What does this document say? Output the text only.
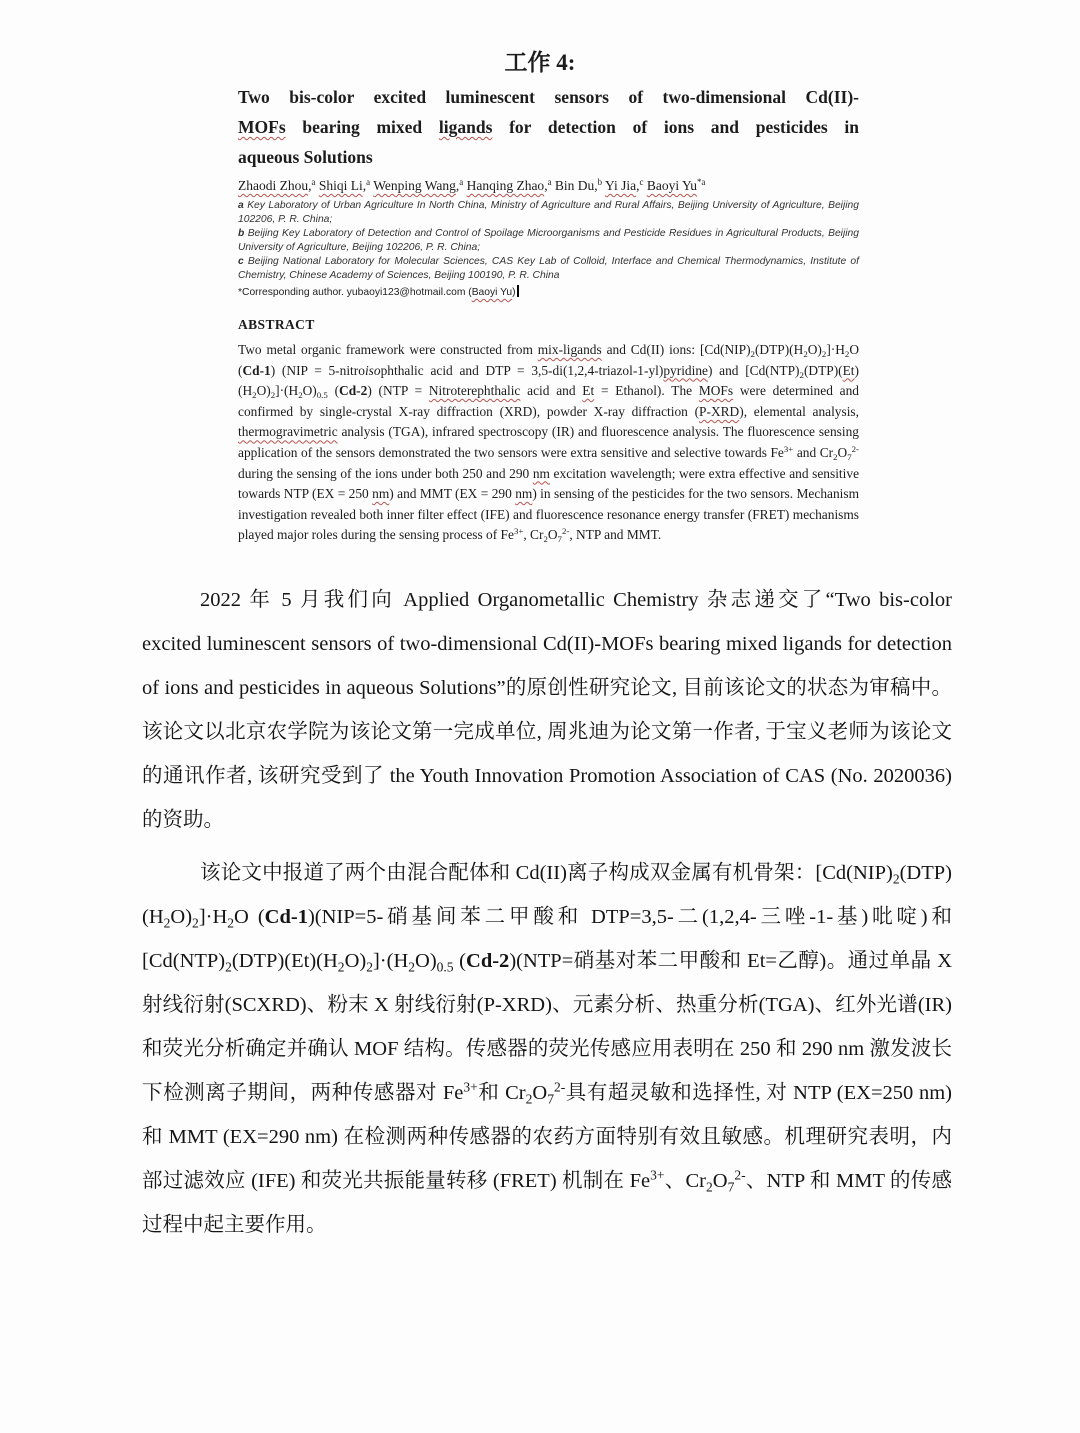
工作 4:
Two bis-color excited luminescent sensors of two-dimensional Cd(II)-
MOFs bearing mixed ligands for detection of ions and pesticides in
aqueous Solutions
Zhaodi Zhou,$^a$ Shiqi Li,$^a$ Wenping Wang,$^a$ Hanqing Zhao,$^a$ Bin Du,$^b$ Yi Jia,$^c$ Baoyi Yu$^{*a}$
a Key Laboratory of Urban Agriculture In North China, Ministry of Agriculture and Rural Affairs, Beijing University of Agriculture, Beijing 102206, P. R. China;
b Beijing Key Laboratory of Detection and Control of Spoilage Microorganisms and Pesticide Residues in Agricultural Products, Beijing University of Agriculture, Beijing 102206, P. R. China;
c Beijing National Laboratory for Molecular Sciences, CAS Key Lab of Colloid, Interface and Chemical Thermodynamics, Institute of Chemistry, Chinese Academy of Sciences, Beijing 100190, P. R. China
*Corresponding author. yubaoyi123@hotmail.com (Baoyi Yu)
ABSTRACT
Two metal organic framework were constructed from mix-ligands and Cd(II) ions: $[Cd(NIP)_2(DTP)(H_2O)_2]\cdot H_2O$ (Cd-1) (NIP = 5-nitroisophthalic acid and DTP = 3,5-di(1,2,4-triazol-1-yl)pyridine) and $[Cd(NTP)_2(DTP)(Et)(H_2O)_2]\cdot(H_2O)_{0.5}$ (Cd-2) (NTP = Nitroterephthalic acid and Et = Ethanol). The MOFs were determined and confirmed by single-crystal X-ray diffraction (XRD), powder X-ray diffraction (P-XRD), elemental analysis, thermogravimetric analysis (TGA), infrared spectroscopy (IR) and fluorescence analysis. The fluorescence sensing application of the sensors demonstrated the two sensors were extra sensitive and selective towards $Fe^{3+}$ and $Cr_2O_7^{2-}$ during the sensing of the ions under both 250 and 290 nm excitation wavelength; were extra effective and sensitive towards NTP (EX = 250 nm) and MMT (EX = 290 nm) in sensing of the pesticides for the two sensors. Mechanism investigation revealed both inner filter effect (IFE) and fluorescence resonance energy transfer (FRET) mechanisms played major roles during the sensing process of $Fe^{3+}$, $Cr_2O_7^{2-}$, NTP and MMT.

2022 年 5 月我们向 Applied Organometallic Chemistry 杂志递交了“Two bis-color excited luminescent sensors of two-dimensional Cd(II)-MOFs bearing mixed ligands for detection of ions and pesticides in aqueous Solutions”的原创性研究论文, 目前该论文的状态为审稿中。该论文以北京农学院为该论文第一完成单位, 周兆迪为论文第一作者, 于宝义老师为该论文的通讯作者, 该研究受到了 the Youth Innovation Promotion Association of CAS (No. 2020036)的资助。

该论文中报道了两个由混合配体和 Cd(II)离子构成双金属有机骨架：$[Cd(NIP)_2(DTP)(H_2O)_2]\cdot H_2O$ (Cd-1)(NIP=5-硝基间苯二甲酸和 DTP=3,5-二(1,2,4-三唑-1-基)吡啶)和$[Cd(NTP)_2(DTP)(Et)(H_2O)_2]\cdot(H_2O)_{0.5}$ (Cd-2)(NTP=硝基对苯二甲酸和 Et=乙醇)。通过单晶 X 射线衍射(SCXRD)、粉末 X 射线衍射(P-XRD)、元素分析、热重分析(TGA)、红外光谱(IR)和荧光分析确定并确认 MOF 结构。传感器的荧光传感应用表明在 250 和 290 nm 激发波长下检测离子期间，两种传感器对 $Fe^{3+}$和 $Cr_2O_7^{2-}$具有超灵敏和选择性, 对 NTP (EX=250 nm) 和 MMT (EX=290 nm) 在检测两种传感器的农药方面特别有效且敏感。机理研究表明，内部过滤效应 (IFE) 和荧光共振能量转移 (FRET) 机制在 $Fe^{3+}$、$Cr_2O_7^{2-}$、NTP 和 MMT 的传感过程中起主要作用。
